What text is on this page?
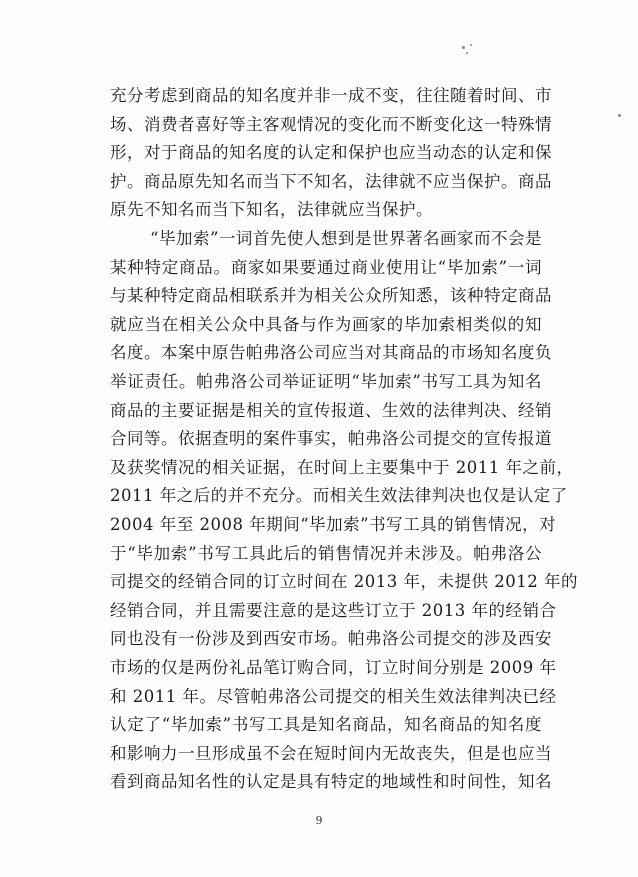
充分考虑到商品的知名度并非一成不变，往往随着时间、市
场、消费者喜好等主客观情况的变化而不断变化这一特殊情
形，对于商品的知名度的认定和保护也应当动态的认定和保
护。商品原先知名而当下不知名，法律就不应当保护。商品
原先不知名而当下知名，法律就应当保护。
“毕加索”一词首先使人想到是世界著名画家而不会是
某种特定商品。商家如果要通过商业使用让“毕加索”一词
与某种特定商品相联系并为相关公众所知悉，该种特定商品
就应当在相关公众中具备与作为画家的毕加索相类似的知
名度。本案中原告帕弗洛公司应当对其商品的市场知名度负
举证责任。帕弗洛公司举证证明“毕加索”书写工具为知名
商品的主要证据是相关的宣传报道、生效的法律判决、经销
合同等。依据查明的案件事实，帕弗洛公司提交的宣传报道
及获奖情况的相关证据，在时间上主要集中于 2011 年之前，
2011 年之后的并不充分。而相关生效法律判决也仅是认定了
2004 年至 2008 年期间“毕加索”书写工具的销售情况，对
于“毕加索”书写工具此后的销售情况并未涉及。帕弗洛公
司提交的经销合同的订立时间在 2013 年，未提供 2012 年的
经销合同，并且需要注意的是这些订立于 2013 年的经销合
同也没有一份涉及到西安市场。帕弗洛公司提交的涉及西安
市场的仅是两份礼品笔订购合同，订立时间分别是 2009 年
和 2011 年。尽管帕弗洛公司提交的相关生效法律判决已经
认定了“毕加索”书写工具是知名商品，知名商品的知名度
和影响力一旦形成虽不会在短时间内无故丧失，但是也应当
看到商品知名性的认定是具有特定的地域性和时间性，知名
9
